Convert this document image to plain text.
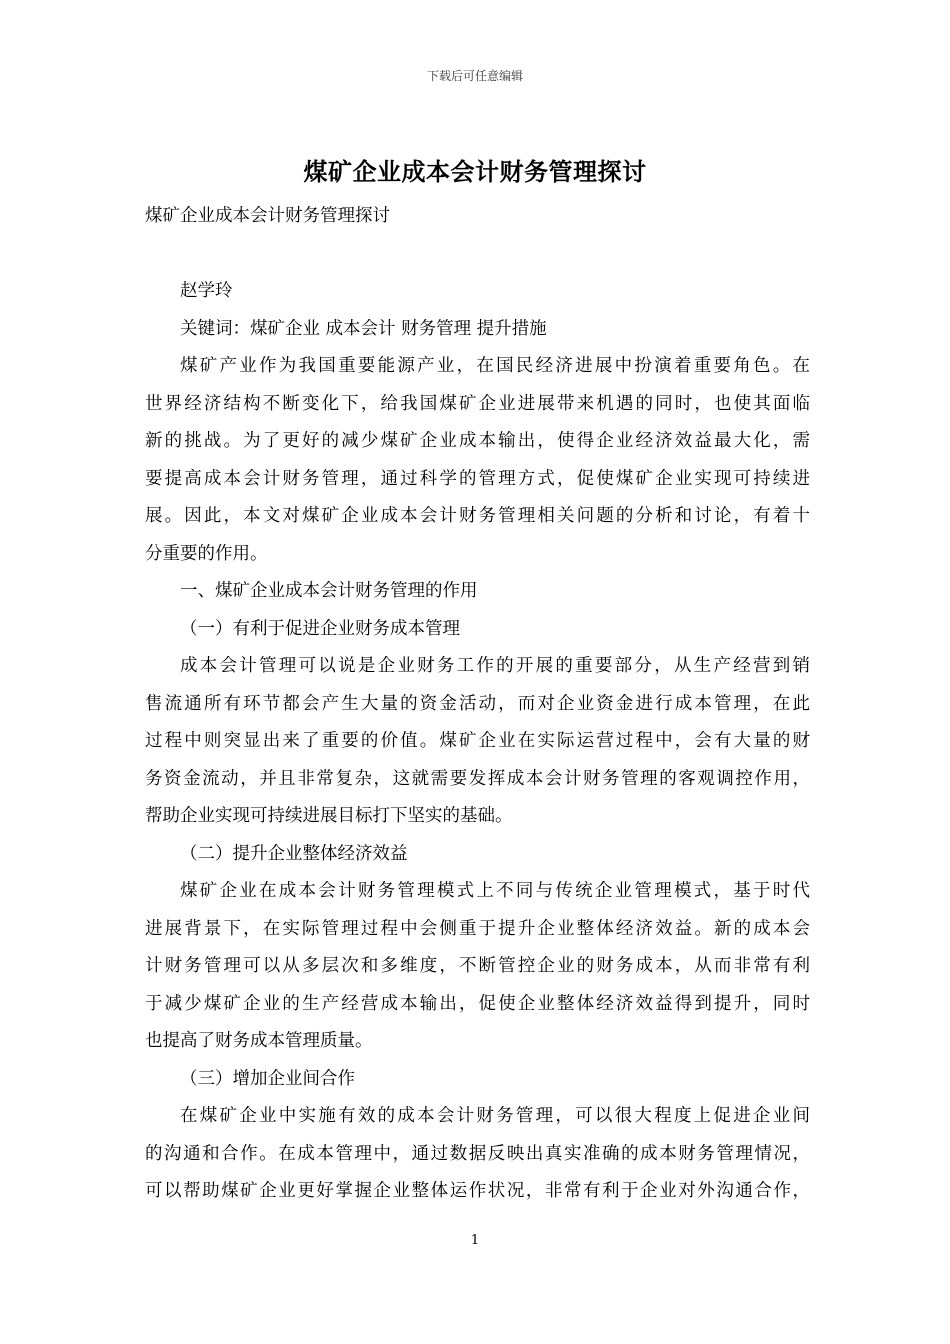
下载后可任意编辑
煤矿企业成本会计财务管理探讨
煤矿企业成本会计财务管理探讨
赵学玲
关键词：煤矿企业 成本会计 财务管理 提升措施
煤矿产业作为我国重要能源产业，在国民经济进展中扮演着重要角色。在
世界经济结构不断变化下，给我国煤矿企业进展带来机遇的同时，也使其面临
新的挑战。为了更好的减少煤矿企业成本输出，使得企业经济效益最大化，需
要提高成本会计财务管理，通过科学的管理方式，促使煤矿企业实现可持续进
展。因此，本文对煤矿企业成本会计财务管理相关问题的分析和讨论，有着十
分重要的作用。
一、煤矿企业成本会计财务管理的作用
（一）有利于促进企业财务成本管理
成本会计管理可以说是企业财务工作的开展的重要部分，从生产经营到销
售流通所有环节都会产生大量的资金活动，而对企业资金进行成本管理，在此
过程中则突显出来了重要的价值。煤矿企业在实际运营过程中，会有大量的财
务资金流动，并且非常复杂，这就需要发挥成本会计财务管理的客观调控作用，
帮助企业实现可持续进展目标打下坚实的基础。
（二）提升企业整体经济效益
煤矿企业在成本会计财务管理模式上不同与传统企业管理模式，基于时代
进展背景下，在实际管理过程中会侧重于提升企业整体经济效益。新的成本会
计财务管理可以从多层次和多维度，不断管控企业的财务成本，从而非常有利
于减少煤矿企业的生产经营成本输出，促使企业整体经济效益得到提升，同时
也提高了财务成本管理质量。
（三）增加企业间合作
在煤矿企业中实施有效的成本会计财务管理，可以很大程度上促进企业间
的沟通和合作。在成本管理中，通过数据反映出真实准确的成本财务管理情况，
可以帮助煤矿企业更好掌握企业整体运作状况，非常有利于企业对外沟通合作，
1
